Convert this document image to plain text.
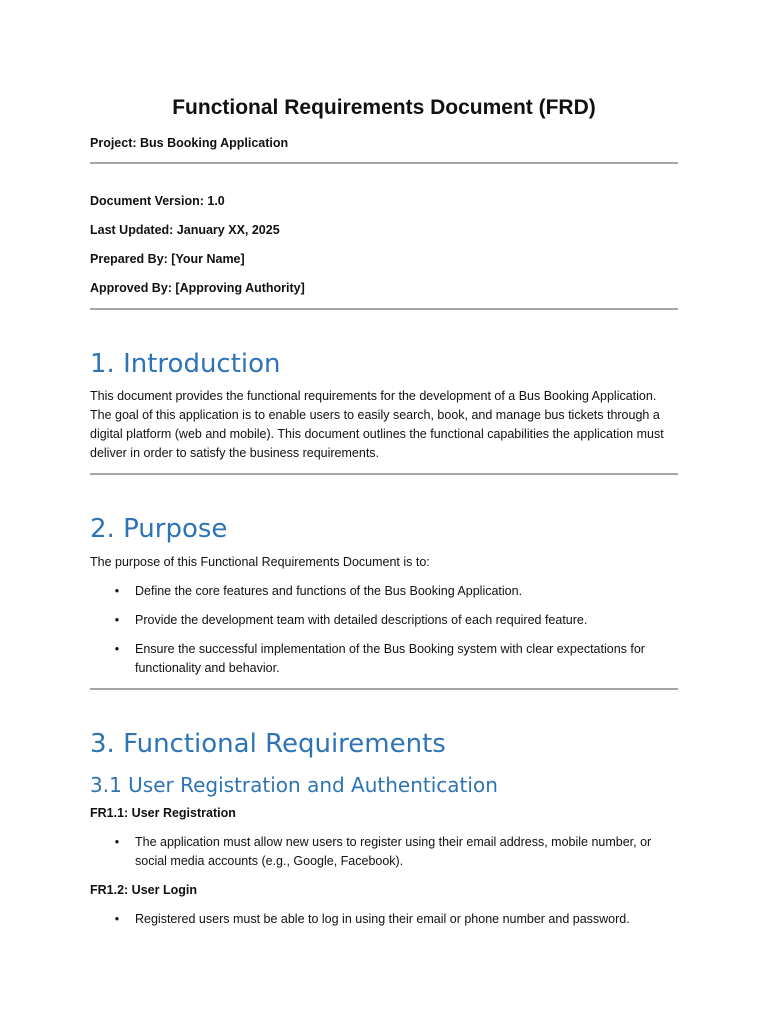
Functional Requirements Document (FRD)

Project: Bus Booking Application

Document Version: 1.0

Last Updated: January XX, 2025

Prepared By: [Your Name]

Approved By: [Approving Authority]

1. Introduction

This document provides the functional requirements for the development of a Bus Booking Application. The goal of this application is to enable users to easily search, book, and manage bus tickets through a digital platform (web and mobile). This document outlines the functional capabilities the application must deliver in order to satisfy the business requirements.

2. Purpose

The purpose of this Functional Requirements Document is to:

• Define the core features and functions of the Bus Booking Application.
• Provide the development team with detailed descriptions of each required feature.
• Ensure the successful implementation of the Bus Booking system with clear expectations for functionality and behavior.
3. Functional Requirements
3.1 User Registration and Authentication

FR1.1: User Registration

• The application must allow new users to register using their email address, mobile number, or social media accounts (e.g., Google, Facebook).

FR1.2: User Login

• Registered users must be able to log in using their email or phone number and password.
